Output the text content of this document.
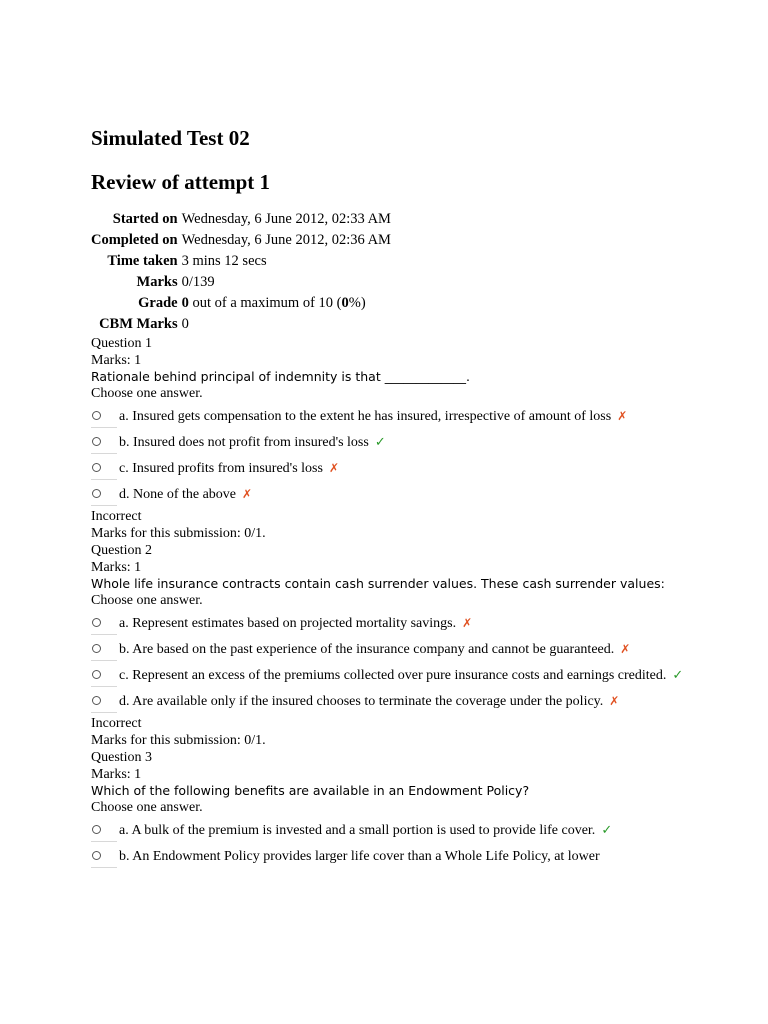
Simulated Test 02
Review of attempt 1
Started on	Wednesday, 6 June 2012, 02:33 AM
Completed on	Wednesday, 6 June 2012, 02:36 AM
Time taken	3 mins 12 secs
Marks	0/139
Grade	0 out of a maximum of 10 (0%)
CBM Marks	0
Question 1
Marks: 1
Rationale behind principal of indemnity is that _____________.
Choose one answer.
a. Insured gets compensation to the extent he has insured, irrespective of amount of loss ✗
b. Insured does not profit from insured's loss ✓
c. Insured profits from insured's loss ✗
d. None of the above ✗
Incorrect
Marks for this submission: 0/1.
Question 2
Marks: 1
Whole life insurance contracts contain cash surrender values. These cash surrender values:
Choose one answer.
a. Represent estimates based on projected mortality savings. ✗
b. Are based on the past experience of the insurance company and cannot be guaranteed. ✗
c. Represent an excess of the premiums collected over pure insurance costs and earnings credited. ✓
d. Are available only if the insured chooses to terminate the coverage under the policy. ✗
Incorrect
Marks for this submission: 0/1.
Question 3
Marks: 1
Which of the following benefits are available in an Endowment Policy?
Choose one answer.
a. A bulk of the premium is invested and a small portion is used to provide life cover. ✓
b. An Endowment Policy provides larger life cover than a Whole Life Policy, at lower
